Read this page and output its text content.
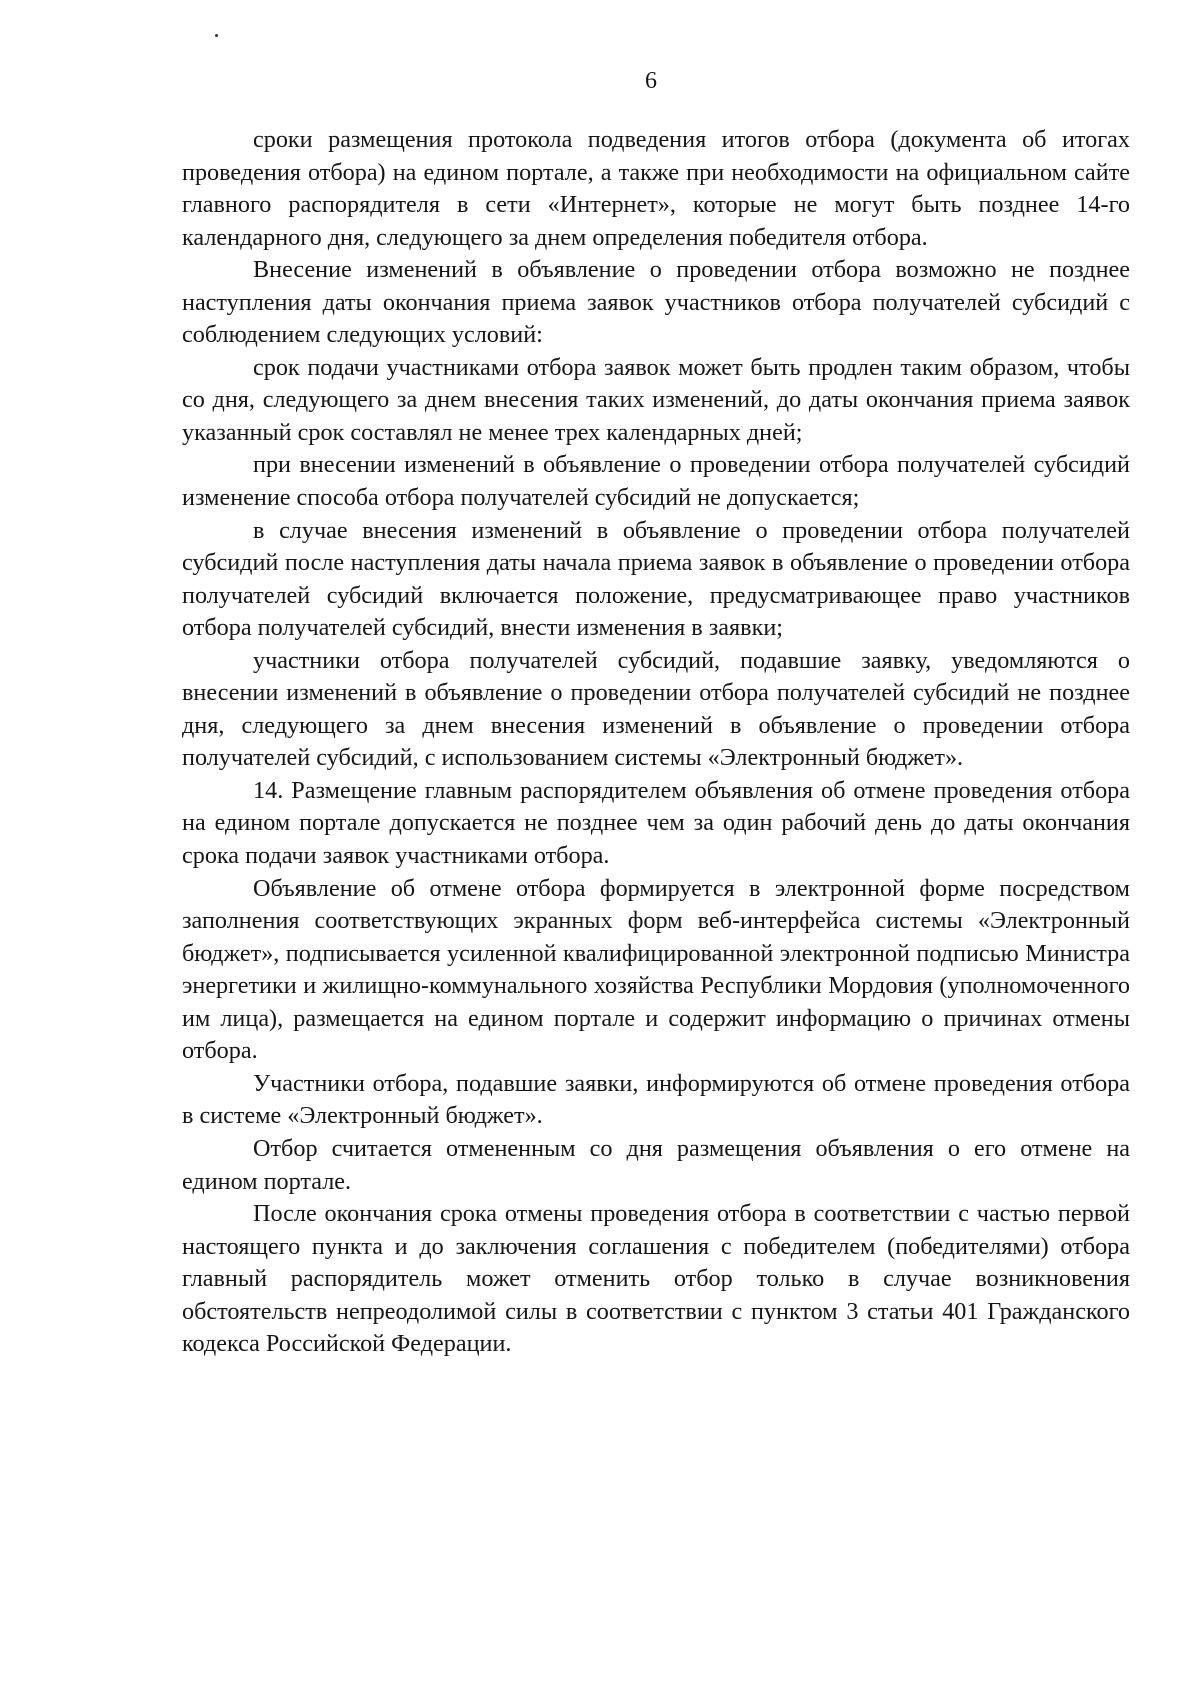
6

сроки размещения протокола подведения итогов отбора (документа об итогах проведения отбора) на едином портале, а также при необходимости на официальном сайте главного распорядителя в сети «Интернет», которые не могут быть позднее 14-го календарного дня, следующего за днем определения победителя отбора.

Внесение изменений в объявление о проведении отбора возможно не позднее наступления даты окончания приема заявок участников отбора получателей субсидий с соблюдением следующих условий:

срок подачи участниками отбора заявок может быть продлен таким образом, чтобы со дня, следующего за днем внесения таких изменений, до даты окончания приема заявок указанный срок составлял не менее трех календарных дней;

при внесении изменений в объявление о проведении отбора получателей субсидий изменение способа отбора получателей субсидий не допускается;

в случае внесения изменений в объявление о проведении отбора получателей субсидий после наступления даты начала приема заявок в объявление о проведении отбора получателей субсидий включается положение, предусматривающее право участников отбора получателей субсидий, внести изменения в заявки;

участники отбора получателей субсидий, подавшие заявку, уведомляются о внесении изменений в объявление о проведении отбора получателей субсидий не позднее дня, следующего за днем внесения изменений в объявление о проведении отбора получателей субсидий, с использованием системы «Электронный бюджет».

14. Размещение главным распорядителем объявления об отмене проведения отбора на едином портале допускается не позднее чем за один рабочий день до даты окончания срока подачи заявок участниками отбора.

Объявление об отмене отбора формируется в электронной форме посредством заполнения соответствующих экранных форм веб-интерфейса системы «Электронный бюджет», подписывается усиленной квалифицированной электронной подписью Министра энергетики и жилищно-коммунального хозяйства Республики Мордовия (уполномоченного им лица), размещается на едином портале и содержит информацию о причинах отмены отбора.

Участники отбора, подавшие заявки, информируются об отмене проведения отбора в системе «Электронный бюджет».

Отбор считается отмененным со дня размещения объявления о его отмене на едином портале.

После окончания срока отмены проведения отбора в соответствии с частью первой настоящего пункта и до заключения соглашения с победителем (победителями) отбора главный распорядитель может отменить отбор только в случае возникновения обстоятельств непреодолимой силы в соответствии с пунктом 3 статьи 401 Гражданского кодекса Российской Федерации.
